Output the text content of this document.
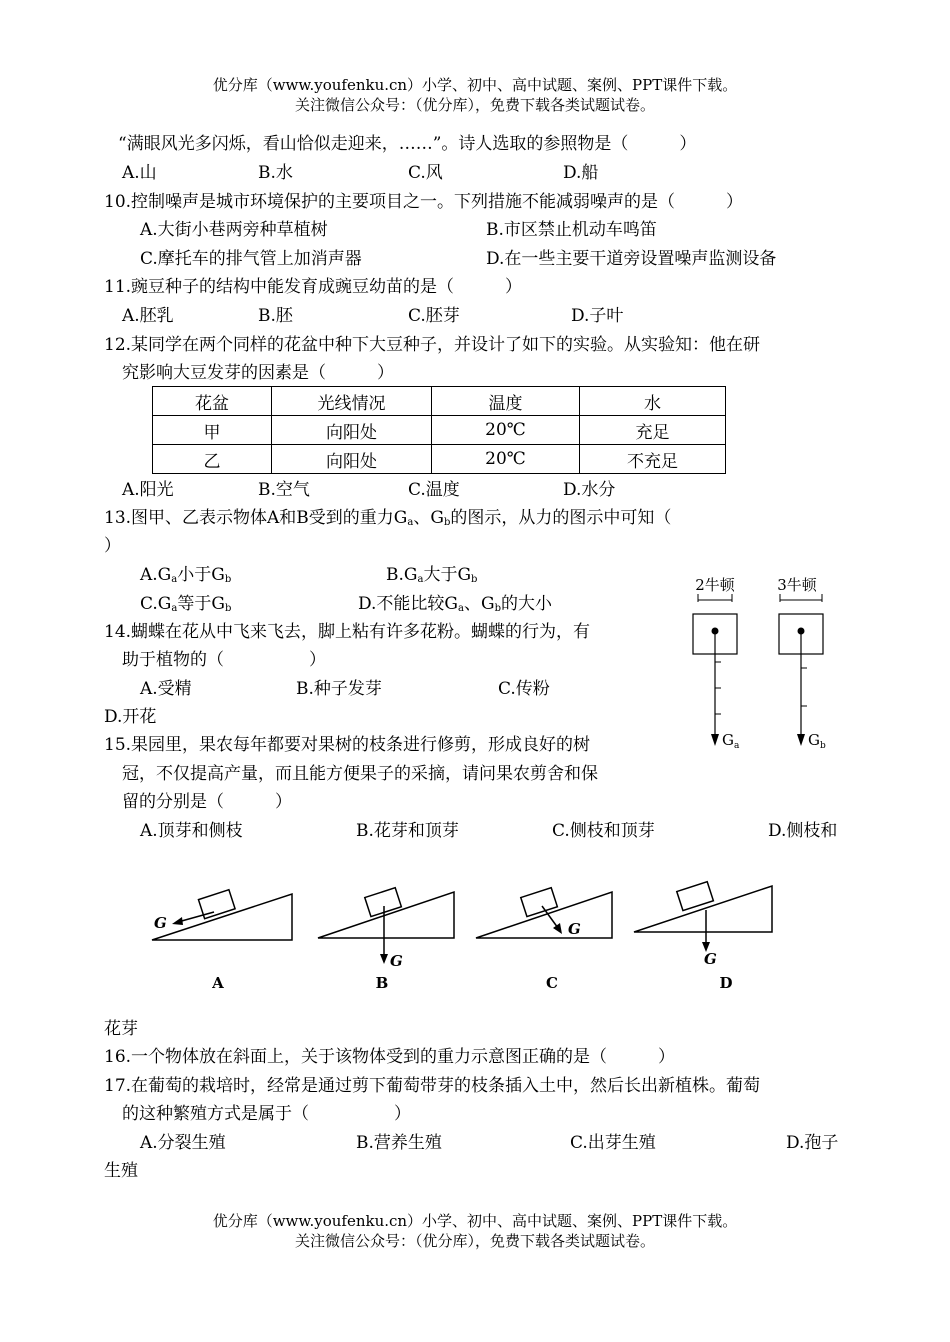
优分库（www.youfenku.cn）小学、初中、高中试题、案例、PPT课件下载。
关注微信公众号：（优分库），免费下载各类试题试卷。
“满眼风光多闪烁，看山恰似走迎来，……”。诗人选取的参照物是（　　　）
A.山	B.水	C.风	D.船
10.控制噪声是城市环境保护的主要项目之一。下列措施不能减弱噪声的是（　　　）
A.大街小巷两旁种草植树	B.市区禁止机动车鸣笛
C.摩托车的排气管上加消声器	D.在一些主要干道旁设置噪声监测设备
11.豌豆种子的结构中能发育成豌豆幼苗的是（　　　）
A.胚乳	B.胚	C.胚芽	D.子叶
12.某同学在两个同样的花盆中种下大豆种子，并设计了如下的实验。从实验知：他在研
究影响大豆发芽的因素是（　　　）
花盆	光线情况	温度	水
甲	向阳处	20℃	充足
乙	向阳处	20℃	不充足
A.阳光	B.空气	C.温度	D.水分
13.图甲、乙表示物体A和B受到的重力$G_a$、$G_b$的图示，从力的图示中可知（
）
$A.G_a$小于$G_b$	$B.G_a$大于$G_b$
$C.G_a$等于$G_b$	D.不能比较$G_a$、$G_b$的大小
2牛顿
$G_a$
3牛顿
$G_b$
14.蝴蝶在花从中飞来飞去，脚上粘有许多花粉。蝴蝶的行为，有
助于植物的（　　　　　）
A.受精	B.种子发芽	C.传粉
D.开花
15.果园里，果农每年都要对果树的枝条进行修剪，形成良好的树
冠，不仅提高产量，而且能方便果子的采摘，请问果农剪舍和保
留的分别是（　　　）
A.顶芽和侧枝	B.花芽和顶芽	C.侧枝和顶芽	D.侧枝和
G
A
G
B
G
C
G
D
花芽
16.一个物体放在斜面上，关于该物体受到的重力示意图正确的是（　　　）
17.在葡萄的栽培时，经常是通过剪下葡萄带芽的枝条插入土中，然后长出新植株。葡萄
的这种繁殖方式是属于（　　　　　）
A.分裂生殖	B.营养生殖	C.出芽生殖	D.孢子
生殖
优分库（www.youfenku.cn）小学、初中、高中试题、案例、PPT课件下载。
关注微信公众号：（优分库），免费下载各类试题试卷。
